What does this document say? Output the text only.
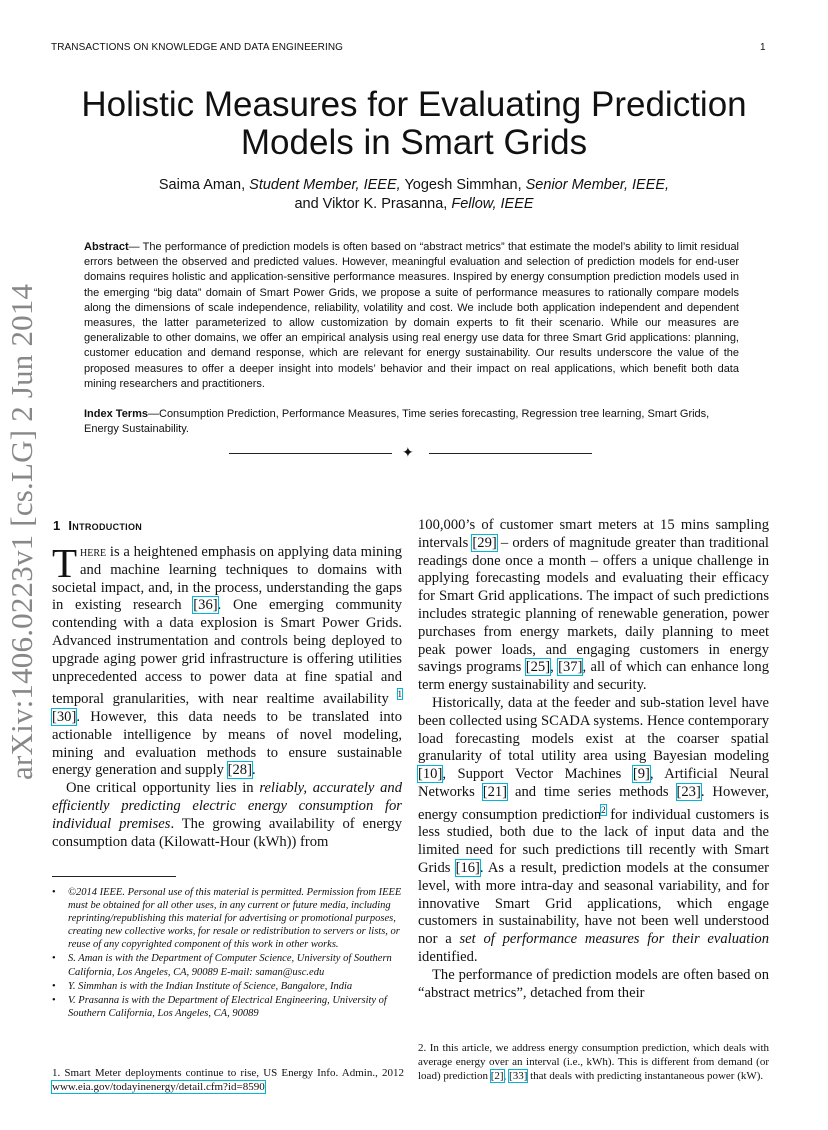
TRANSACTIONS ON KNOWLEDGE AND DATA ENGINEERING	1
Holistic Measures for Evaluating Prediction
Models in Smart Grids
Saima Aman, Student Member, IEEE, Yogesh Simmhan, Senior Member, IEEE,
and Viktor K. Prasanna, Fellow, IEEE
Abstract— The performance of prediction models is often based on “abstract metrics” that estimate the model’s ability to limit residual errors between the observed and predicted values. However, meaningful evaluation and selection of prediction models for end-user domains requires holistic and application-sensitive performance measures. Inspired by energy consumption prediction models used in the emerging “big data” domain of Smart Power Grids, we propose a suite of performance measures to rationally compare models along the dimensions of scale independence, reliability, volatility and cost. We include both application independent and dependent measures, the latter parameterized to allow customization by domain experts to fit their scenario. While our measures are generalizable to other domains, we offer an empirical analysis using real energy use data for three Smart Grid applications: planning, customer education and demand response, which are relevant for energy sustainability. Our results underscore the value of the proposed measures to offer a deeper insight into models’ behavior and their impact on real applications, which benefit both data mining researchers and practitioners.
Index Terms—Consumption Prediction, Performance Measures, Time series forecasting, Regression tree learning, Smart Grids, Energy Sustainability.
✦
arXiv:1406.0223v1 [cs.LG] 2 Jun 2014 1 Introduction

There is a heightened emphasis on applying data mining and machine learning techniques to domains with societal impact, and, in the process, understanding the gaps in existing research [36]. One emerging community contending with a data explosion is Smart Power Grids. Advanced instrumentation and controls being deployed to upgrade aging power grid infrastructure is offering utilities unprecedented access to power data at fine spatial and temporal granularities, with near realtime availability $^1$ [30]. However, this data needs to be translated into actionable intelligence by means of novel modeling, mining and evaluation methods to ensure sustainable energy generation and supply [28].

One critical opportunity lies in reliably, accurately and efficiently predicting electric energy consumption for individual premises. The growing availability of energy consumption data (Kilowatt-Hour (kWh)) from

• ©2014 IEEE. Personal use of this material is permitted. Permission from IEEE must be obtained for all other uses, in any current or future media, including reprinting/republishing this material for advertising or promotional purposes, creating new collective works, for resale or redistribution to servers or lists, or reuse of any copyrighted component of this work in other works.
• S. Aman is with the Department of Computer Science, University of Southern California, Los Angeles, CA, 90089 E-mail: saman@usc.edu
• Y. Simmhan is with the Indian Institute of Science, Bangalore, India
• V. Prasanna is with the Department of Electrical Engineering, University of Southern California, Los Angeles, CA, 90089
1. Smart Meter deployments continue to rise, US Energy Info. Admin., 2012 www.eia.gov/todayinenergy/detail.cfm?id=8590

100,000’s of customer smart meters at 15 mins sampling intervals [29] – orders of magnitude greater than traditional readings done once a month – offers a unique challenge in applying forecasting models and evaluating their efficacy for Smart Grid applications. The impact of such predictions includes strategic planning of renewable generation, power purchases from energy markets, daily planning to meet peak power loads, and engaging customers in energy savings programs [25], [37], all of which can enhance long term energy sustainability and security.

Historically, data at the feeder and sub-station level have been collected using SCADA systems. Hence contemporary load forecasting models exist at the coarser spatial granularity of total utility area using Bayesian modeling [10], Support Vector Machines [9], Artificial Neural Networks [21] and time series methods [23]. However, energy consumption prediction$^2$ for individual customers is less studied, both due to the lack of input data and the limited need for such predictions till recently with Smart Grids [16]. As a result, prediction models at the consumer level, with more intra-day and seasonal variability, and for innovative Smart Grid applications, which engage customers in sustainability, have not been well understood nor a set of performance measures for their evaluation identified.

The performance of prediction models are often based on “abstract metrics”, detached from their

2. In this article, we address energy consumption prediction, which deals with average energy over an interval (i.e., kWh). This is different from demand (or load) prediction [2], [33] that deals with predicting instantaneous power (kW).
